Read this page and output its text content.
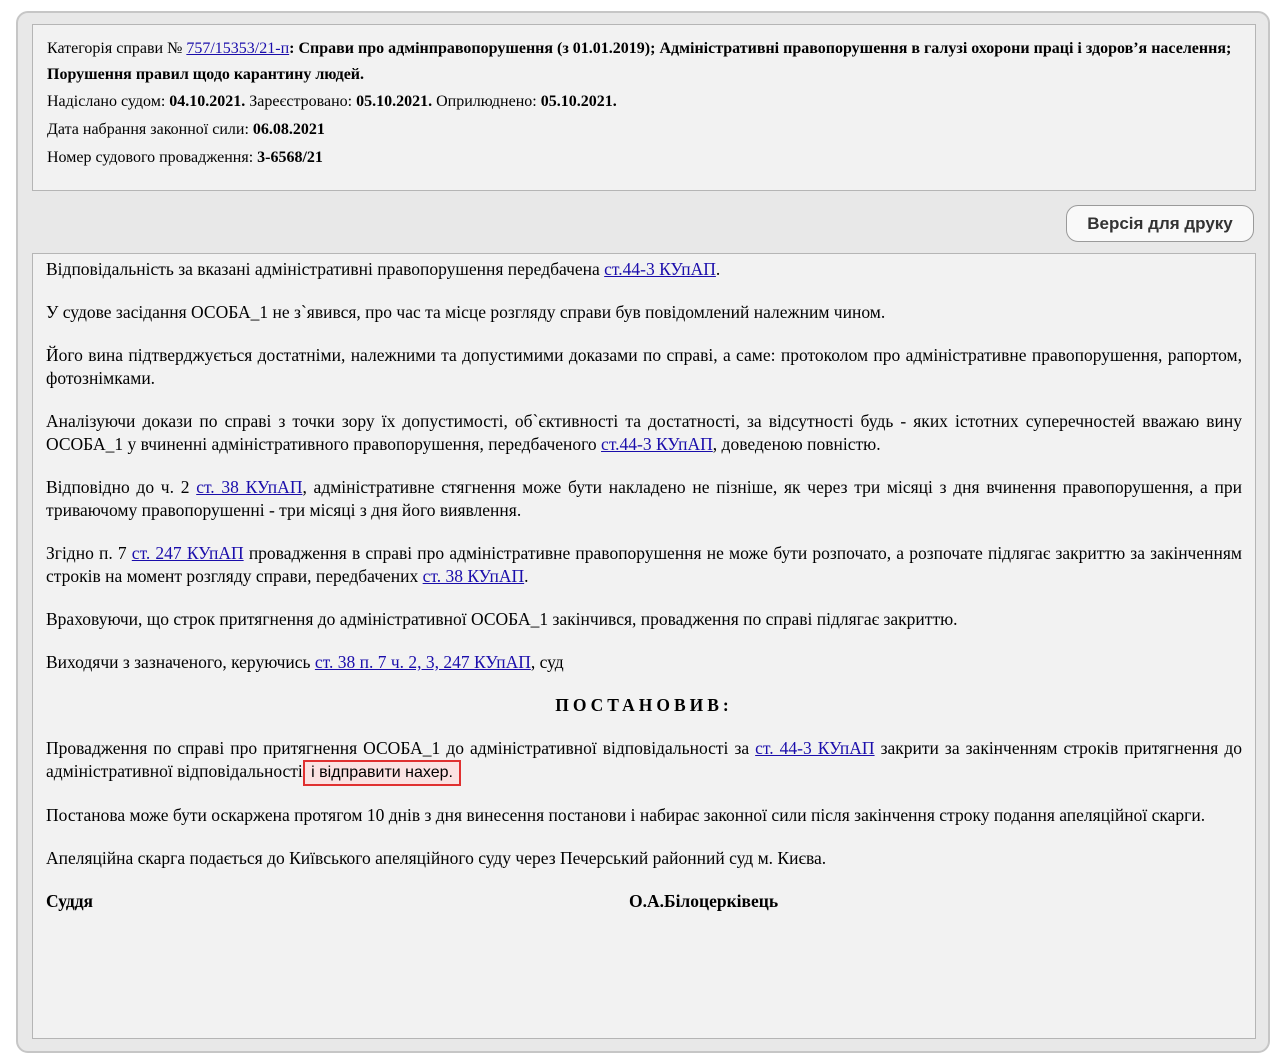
Категорія справи № 757/15353/21-п: Справи про адмінправопорушення (з 01.01.2019); Адміністративні правопорушення в галузі охорони праці і здоров’я населення; Порушення правил щодо карантину людей.
Надіслано судом: 04.10.2021. Зареєстровано: 05.10.2021. Оприлюднено: 05.10.2021.
Дата набрання законної сили: 06.08.2021
Номер судового провадження: 3-6568/21
Версія для друку

Відповідальність за вказані адміністративні правопорушення передбачена ст.44-3 КУпАП.

У судове засідання ОСОБА_1 не з`явився, про час та місце розгляду справи був повідомлений належним чином.

Його вина підтверджується достатніми, належними та допустимими доказами по справі, а саме: протоколом про адміністративне правопорушення, рапортом, фотознімками.

Аналізуючи докази по справі з точки зору їх допустимості, об`єктивності та достатності, за відсутності будь - яких істотних суперечностей вважаю вину ОСОБА_1 у вчиненні адміністративного правопорушення, передбаченого ст.44-3 КУпАП, доведеною повністю.

Відповідно до ч. 2 ст. 38 КУпАП, адміністративне стягнення може бути накладено не пізніше, як через три місяці з дня вчинення правопорушення, а при триваючому правопорушенні - три місяці з дня його виявлення.

Згідно п. 7 ст. 247 КУпАП провадження в справі про адміністративне правопорушення не може бути розпочато, а розпочате підлягає закриттю за закінченням строків на момент розгляду справи, передбачених ст. 38 КУпАП.

Враховуючи, що строк притягнення до адміністративної ОСОБА_1 закінчився, провадження по справі підлягає закриттю.

Виходячи з зазначеного, керуючись ст. 38 п. 7 ч. 2, 3, 247 КУпАП, суд

ПОСТАНОВИВ:

Провадження по справі про притягнення ОСОБА_1 до адміністративної відповідальності за ст. 44-3 КУпАП закрити за закінченням строків притягнення до адміністративної відповідальності і відправити нахер.

Постанова може бути оскаржена протягом 10 днів з дня винесення постанови і набирає законної сили після закінчення строку подання апеляційної скарги.

Апеляційна скарга подається до Київського апеляційного суду через Печерський районний суд м. Києва.

Суддя	О.А.Білоцерківець
